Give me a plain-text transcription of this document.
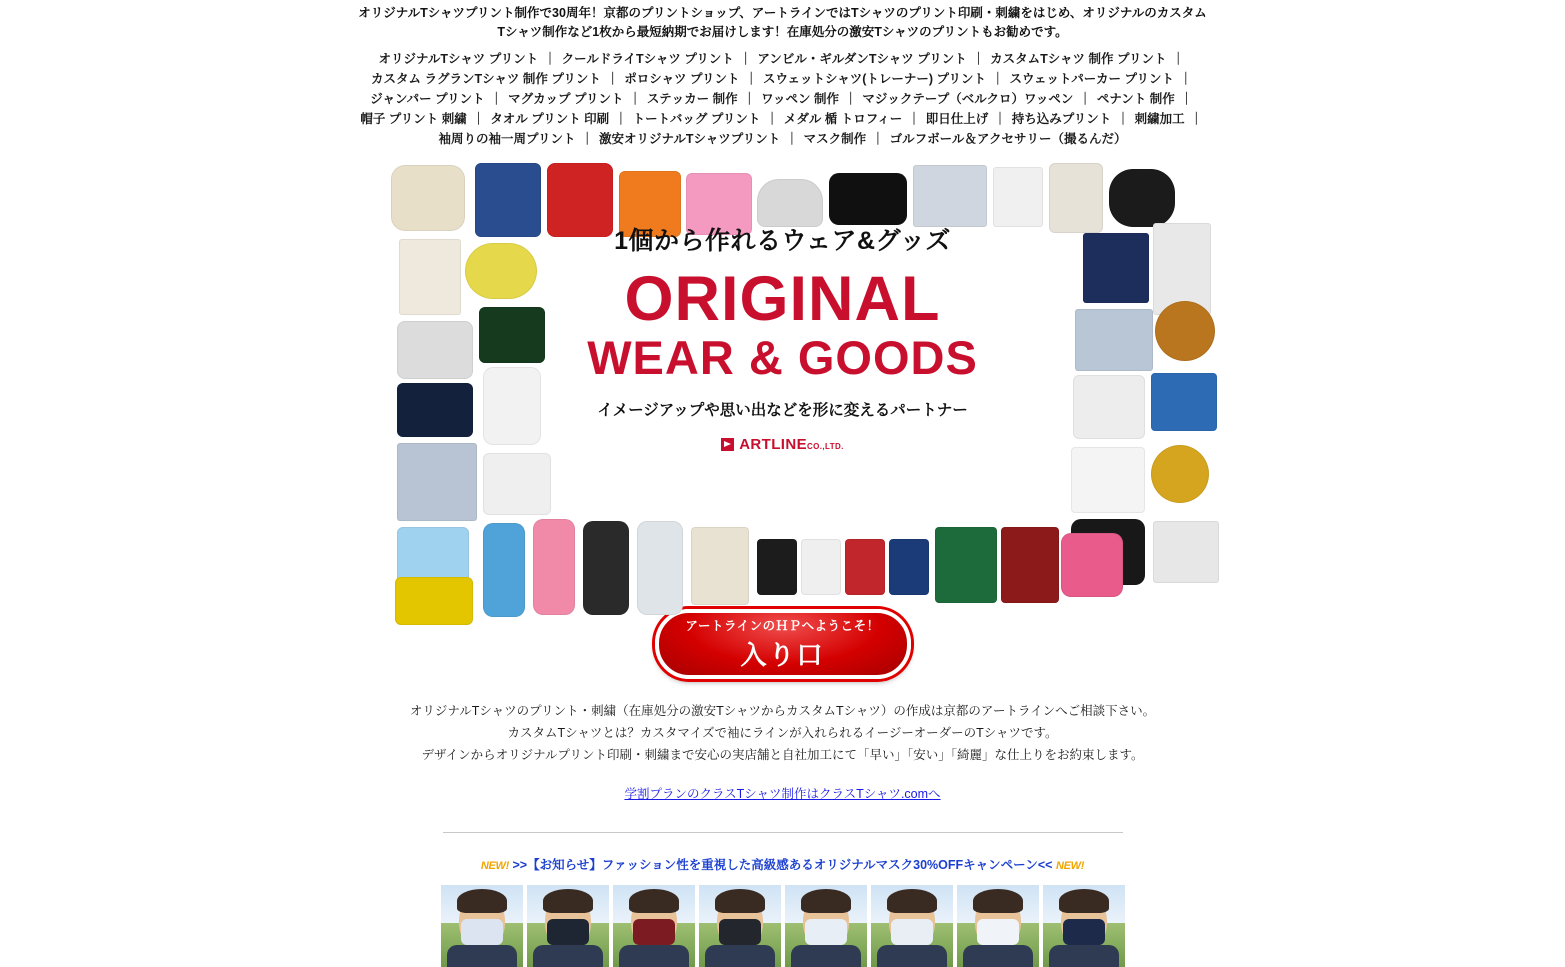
オリジナルTシャツプリント制作で30周年！京都のプリントショップ、アートラインではTシャツのプリント印刷・刺繍をはじめ、オリジナルのカスタム
Tシャツ制作など1枚から最短納期でお届けします！在庫処分の激安Tシャツのプリントもお勧めです。
オリジナルTシャツ プリント ｜ クールドライTシャツ プリント ｜ アンビル・ギルダンTシャツ プリント ｜ カスタムTシャツ 制作 プリント ｜ カスタム ラグランTシャツ 制作 プリント ｜ ポロシャツ プリント ｜ スウェットシャツ(トレーナー) プリント ｜ スウェットパーカー プリント ｜ ジャンパー プリント ｜ マグカップ プリント ｜ ステッカー 制作 ｜ ワッペン 制作 ｜ マジックテープ（ベルクロ）ワッペン ｜ ペナント 制作 ｜ 帽子 プリント 刺繍 ｜ タオル プリント 印刷 ｜ トートバッグ プリント ｜ メダル 楯 トロフィー ｜ 即日仕上げ ｜ 持ち込みプリント ｜ 刺繍加工 ｜ 袖周りの袖一周プリント ｜ 激安オリジナルTシャツプリント ｜ マスク制作 ｜ ゴルフボール＆アクセサリー（撮るんだ）
1個から作れるウェア&グッズ
ORIGINAL
WEAR & GOODS
イメージアップや思い出などを形に変えるパートナー
ARTLINECO.,LTD.
アートラインのＨＰへようこそ！
入り口
オリジナルTシャツのプリント・刺繍（在庫処分の激安TシャツからカスタムTシャツ）の作成は京都のアートラインへご相談下さい。
カスタムTシャツとは？カスタマイズで袖にラインが入れられるイージーオーダーのTシャツです。
デザインからオリジナルプリント印刷・刺繍まで安心の実店舗と自社加工にて「早い」「安い」「綺麗」な仕上りをお約束します。
学割プランのクラスTシャツ制作はクラスTシャツ.comへ
NEW! >>【お知らせ】ファッション性を重視した高級感あるオリジナルマスク30%OFFキャンペーン<< NEW!
